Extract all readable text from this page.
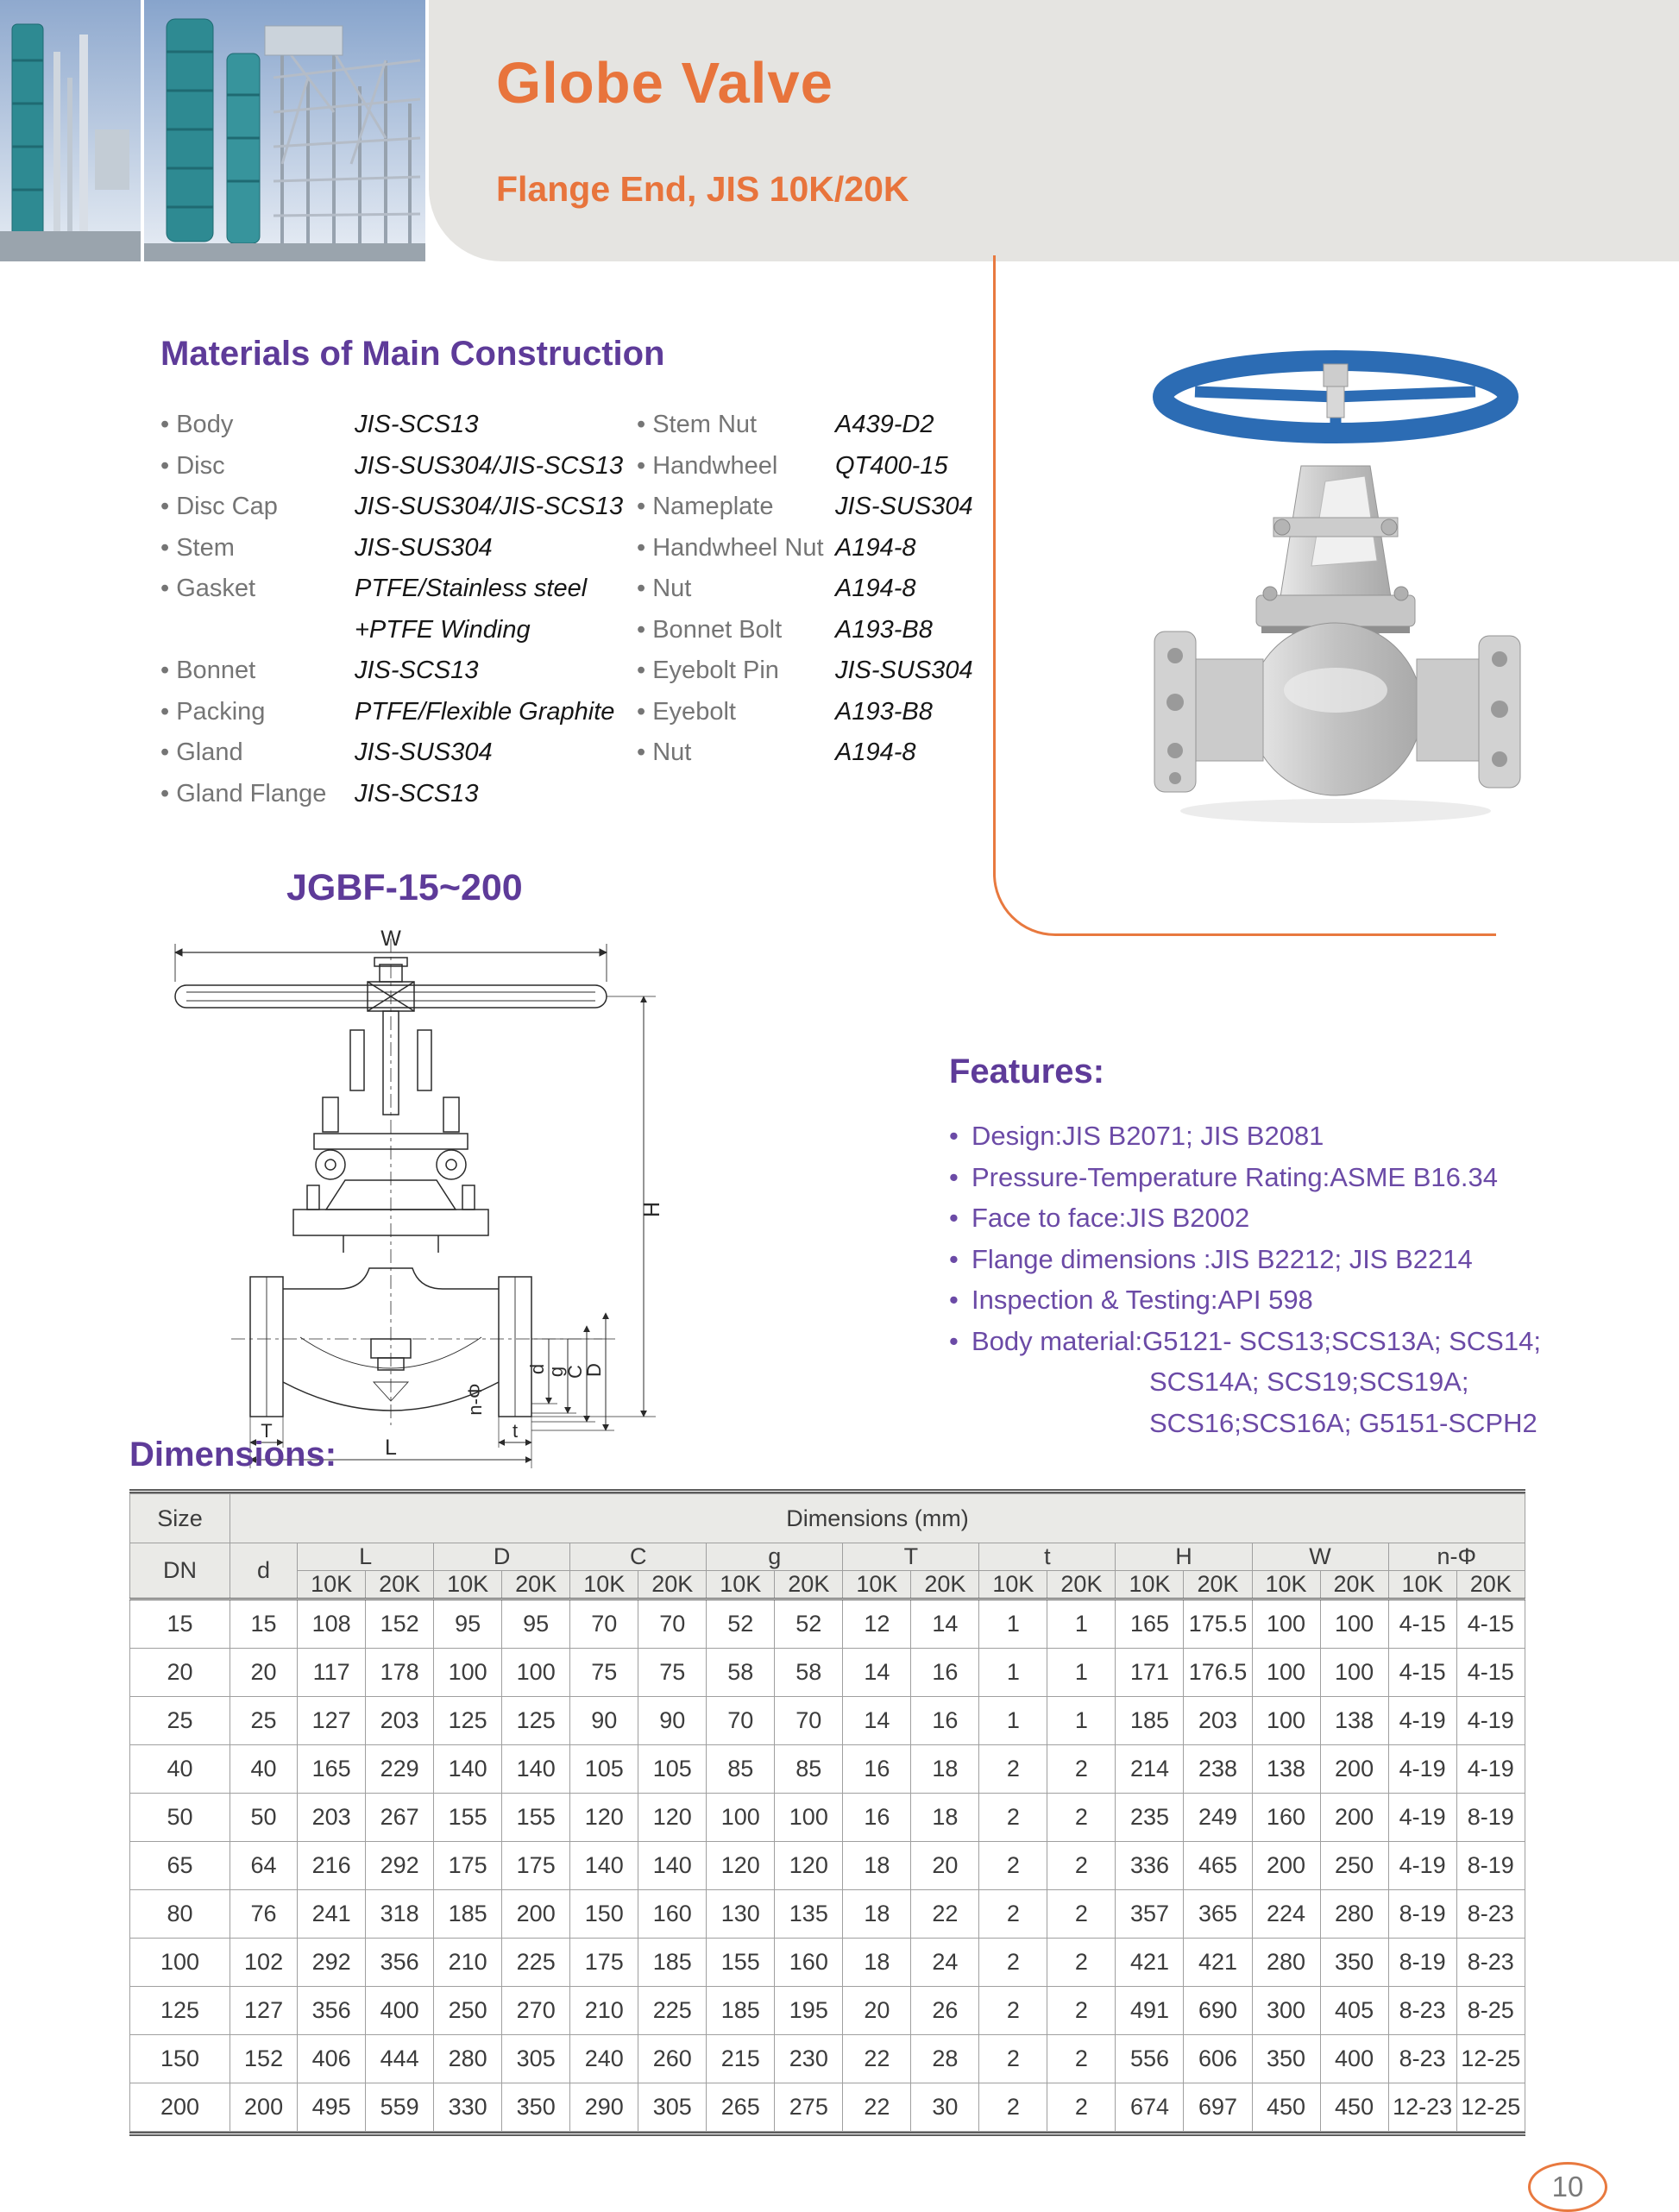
Globe Valve
Flange End, JIS 10K/20K
Materials of Main Construction
• Body	JIS-SCS13
• Disc	JIS-SUS304/JIS-SCS13
• Disc Cap	JIS-SUS304/JIS-SCS13
• Stem	JIS-SUS304
• Gasket	PTFE/Stainless steel
+PTFE Winding
• Bonnet	JIS-SCS13
• Packing	PTFE/Flexible Graphite
• Gland	JIS-SUS304
• Gland Flange	JIS-SCS13
• Stem Nut	A439-D2
• Handwheel	QT400-15
• Nameplate	JIS-SUS304
• Handwheel Nut A194-8
• Nut	A194-8
• Bonnet Bolt	A193-B8
• Eyebolt Pin	JIS-SUS304
• Eyebolt	A193-B8
• Nut	A194-8
JGBF-15~200
W
H
L
T	t
d
g
C
D
n-Φ
Features:
• Design:JIS B2071; JIS B2081
• Pressure-Temperature Rating:ASME B16.34
• Face to face:JIS B2002
• Flange dimensions :JIS B2212; JIS B2214
• Inspection & Testing:API 598
• Body material:G5121- SCS13;SCS13A; SCS14;
SCS14A; SCS19;SCS19A;
SCS16;SCS16A; G5151-SCPH2
Dimensions:
Size	Dimensions (mm)																		
DN	d	L		D		C		g		T		t		H		W		n-Φ	
		10K	20K	10K	20K	10K	20K	10K	20K	10K	20K	10K	20K	10K	20K	10K	20K	10K	20K
15	15	108	152	95	95	70	70	52	52	12	14	1	1	165	175.5	100	100	4-15	4-15
20	20	117	178	100	100	75	75	58	58	14	16	1	1	171	176.5	100	100	4-15	4-15
25	25	127	203	125	125	90	90	70	70	14	16	1	1	185	203	100	138	4-19	4-19
40	40	165	229	140	140	105	105	85	85	16	18	2	2	214	238	138	200	4-19	4-19
50	50	203	267	155	155	120	120	100	100	16	18	2	2	235	249	160	200	4-19	8-19
65	64	216	292	175	175	140	140	120	120	18	20	2	2	336	465	200	250	4-19	8-19
80	76	241	318	185	200	150	160	130	135	18	22	2	2	357	365	224	280	8-19	8-23
100	102	292	356	210	225	175	185	155	160	18	24	2	2	421	421	280	350	8-19	8-23
125	127	356	400	250	270	210	225	185	195	20	26	2	2	491	690	300	405	8-23	8-25
150	152	406	444	280	305	240	260	215	230	22	28	2	2	556	606	350	400	8-23	12-25
200	200	495	559	330	350	290	305	265	275	22	30	2	2	674	697	450	450	12-23	12-25
10
